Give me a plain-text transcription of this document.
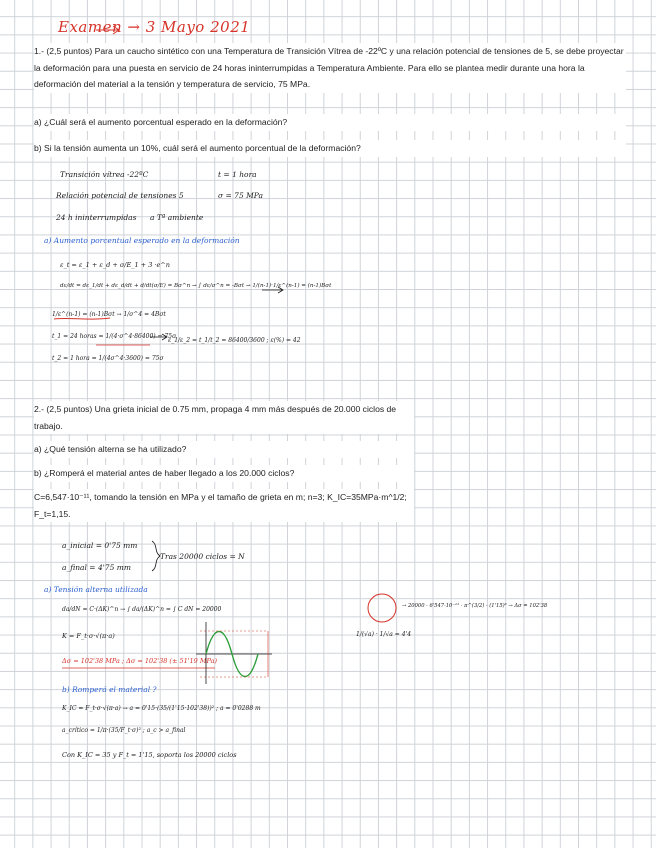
Examen → 3 Mayo 2021
1.- (2,5 puntos) Para un caucho sintético con una Temperatura de Transición Vítrea de -22ºC y una relación potencial de tensiones de 5, se debe proyectar la deformación para una puesta en servicio de 24 horas ininterrumpidas a Temperatura Ambiente. Para ello se plantea medir durante una hora la deformación del material a la tensión y temperatura de servicio, 75 MPa.
a) ¿Cuál será el aumento porcentual esperado en la deformación?
b) Si la tensión aumenta un 10%, cuál será el aumento porcentual de la deformación?
Transición vítrea -22ºC	t = 1 hora
Relación potencial de tensiones 5	σ = 75 MPa
24 h ininterrumpidas a Tª ambiente
a) Aumento porcentual esperado en la deformación
ε_t = ε_1 + ε_d + σ/E_1 + 3 ·e^n
dε/dt = dε_1/dt + dε_d/dt + d/dt(σ/E) = Bσ^n → ∫ dε/σ^n = -Bσt → 1/(n-1)·1/ε^(n-1) = (n-1)Bσt
1/ε^(n-1) = (n-1)Bσt → 1/σ^4 = 4Bσt
t_1 = 24 horas = 1/(4·σ^4·86400) = 75σ
t_2 = 1 hora = 1/(4σ^4·3600) = 75σ
ε_1/ε_2 = t_1/t_2 = 86400/3600 ; ε(%) = 42
2.- (2,5 puntos) Una grieta inicial de 0.75 mm, propaga 4 mm más después de 20.000 ciclos de trabajo.
a) ¿Qué tensión alterna se ha utilizado?
b) ¿Romperá el material antes de haber llegado a los 20.000 ciclos?
C=6,547·10⁻¹¹, tomando la tensión en MPa y el tamaño de grieta en m; n=3; K_IC=35MPa·m^1/2; F_t=1,15.
a_inicial = 0'75 mm
a_final = 4'75 mm
Tras 20000 ciclos = N
a) Tensión alterna utilizada
da/dN = C·(ΔK)^n → ∫ da/(ΔK)^n = ∫ C dN = 20000	→ 20000 · 6'547·10⁻¹¹ · π^(3/2) · (1'15)³ → Δσ = 102'38
1/(√a) · 1/√a = 4'4
K = F_t·σ·√(π·a)
Δσ = 102'38 MPa ; Δσ = 102'38 (± 51'19 MPa)
b) Romperá el material ?
K_IC = F_t·σ·√(π·a) → a = 0'15·(35/(1'15·102'38))² ; a = 0'0288 m
a_crítico = 1/π·(35/F_t·σ)² ; a_c > a_final
Con K_IC = 35 y F_t = 1'15, soporta los 20000 ciclos
